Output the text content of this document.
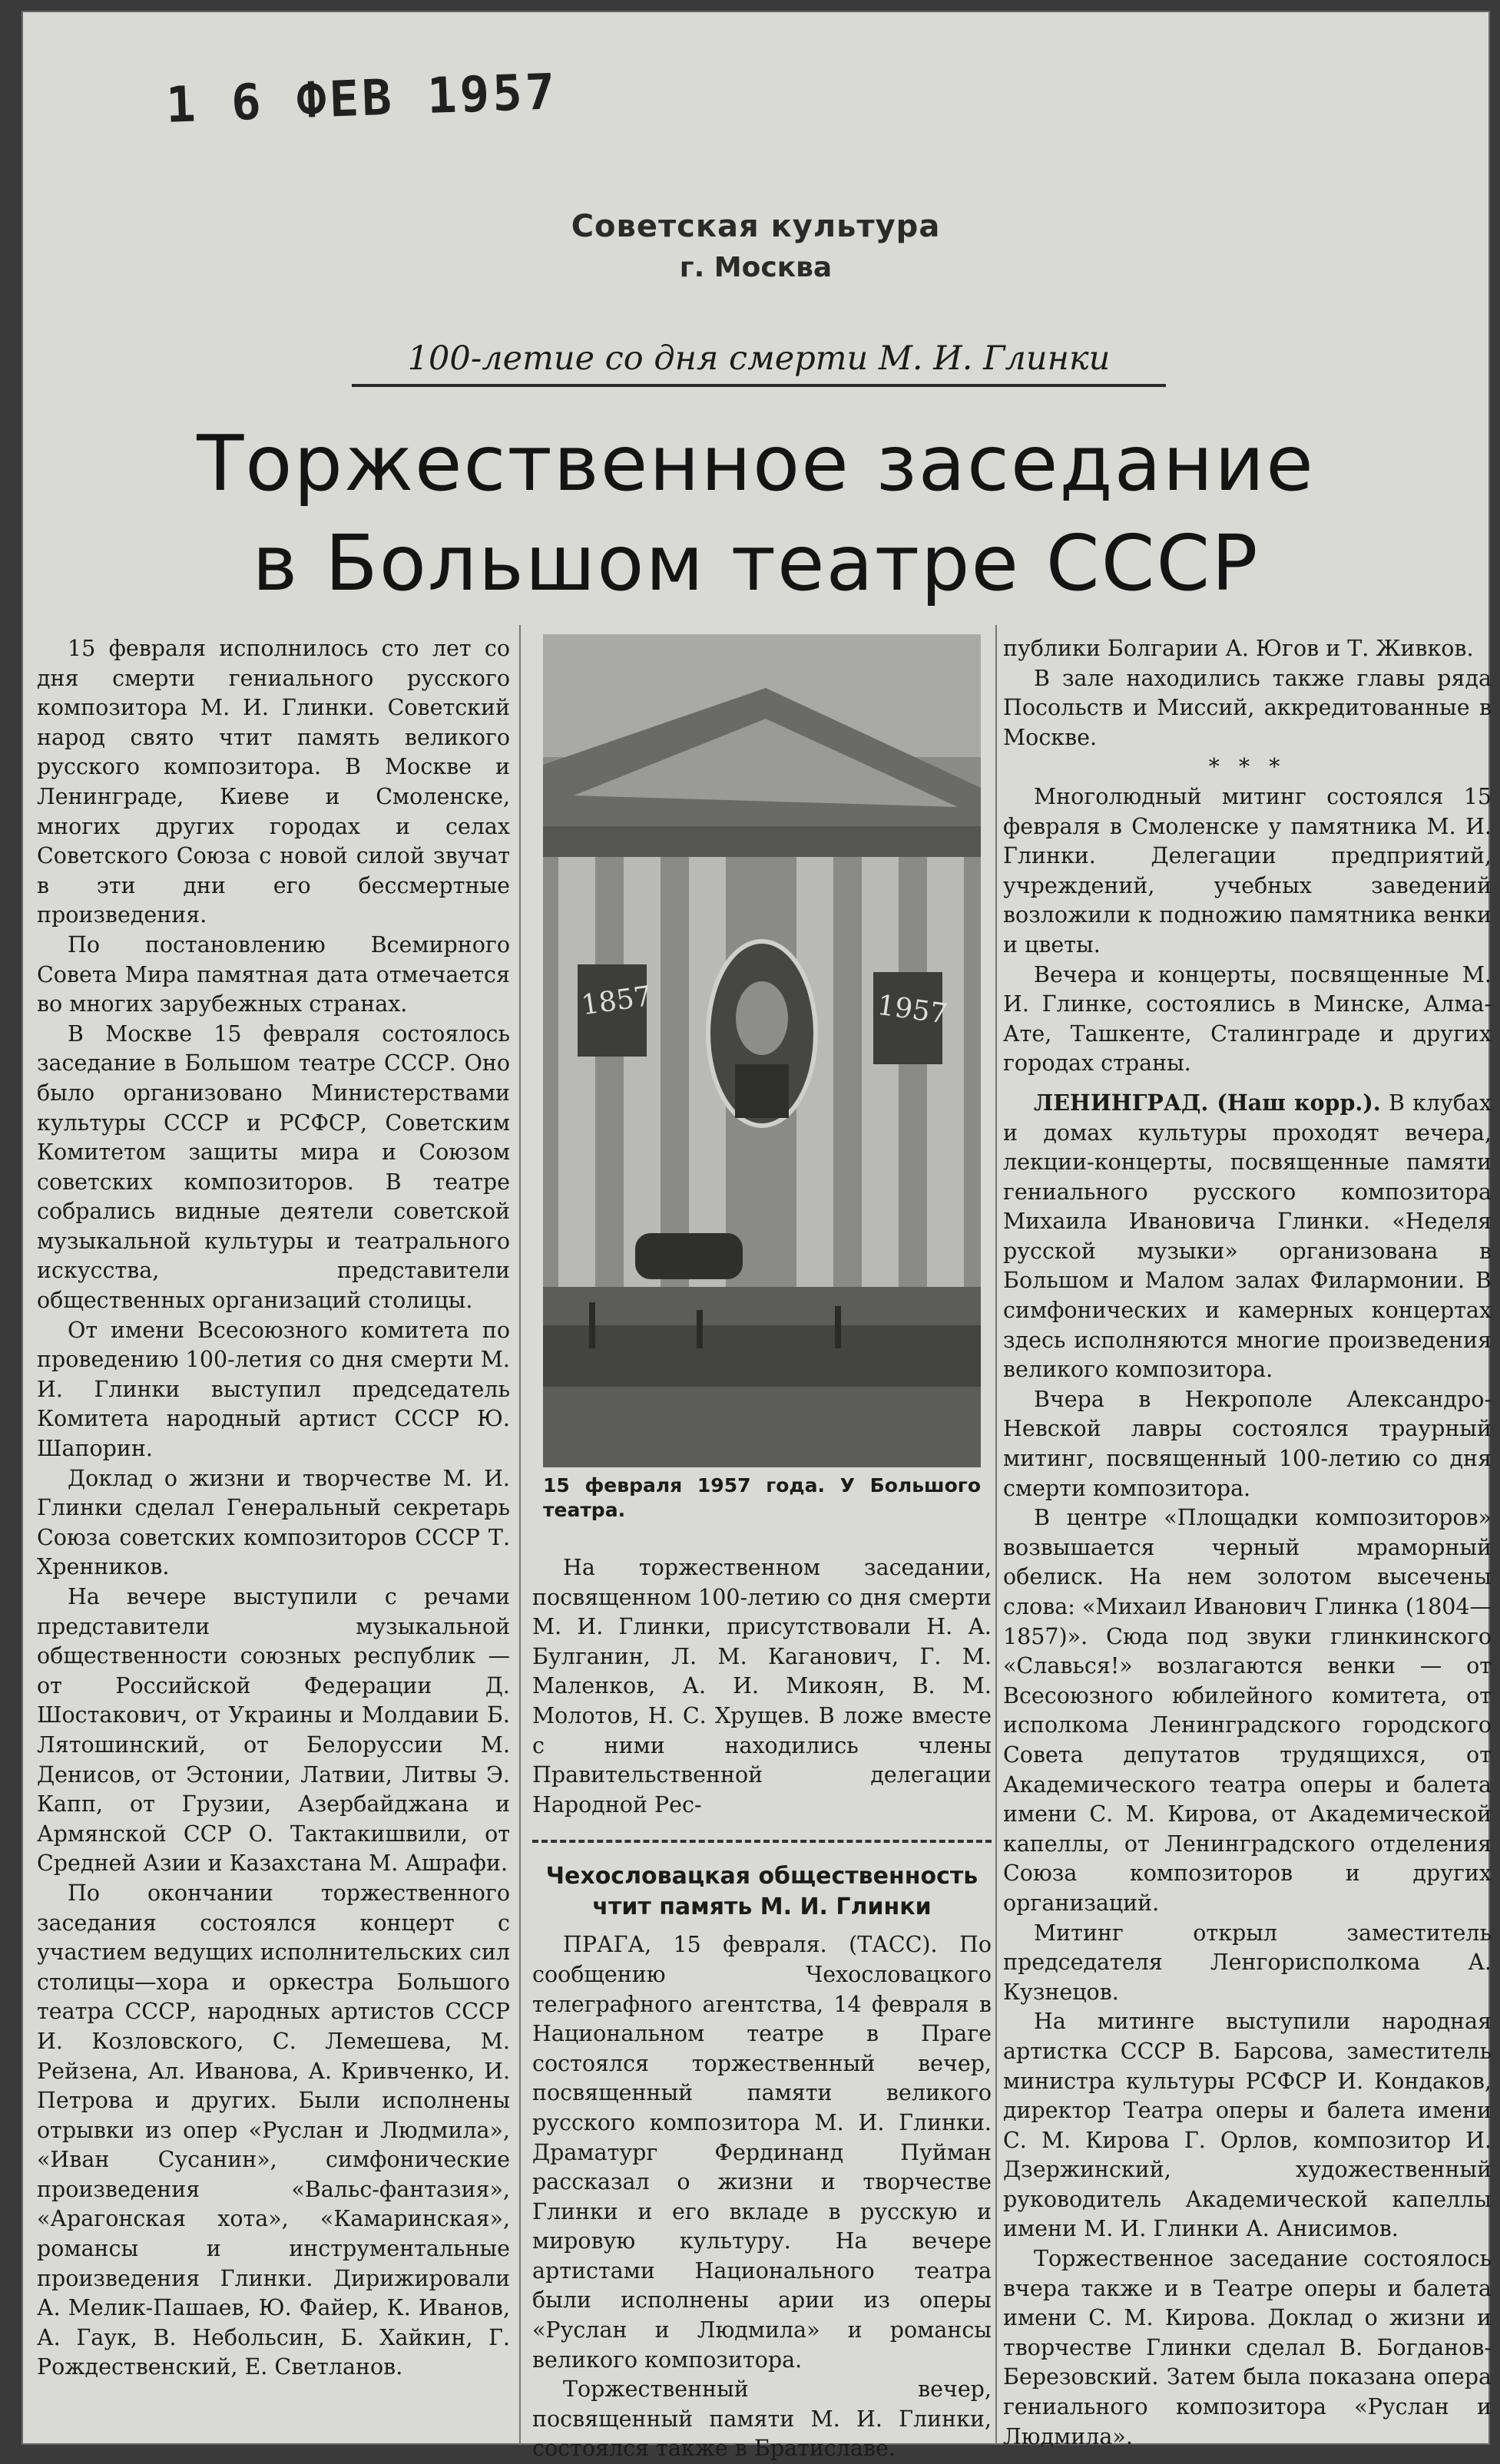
1 6 ФЕВ 1957
Советская культура
г. Москва
100-летие со дня смерти М. И. Глинки
Торжественное заседание
в Большом театре СССР

15 февраля исполнилось сто лет со дня смерти гениального русского композитора М. И. Глинки. Советский народ свято чтит память великого русского композитора. В Москве и Ленинграде, Киеве и Смоленске, многих других городах и селах Советского Союза с новой силой звучат в эти дни его бессмертные произведения.

По постановлению Всемирного Совета Мира памятная дата отмечается во многих зарубежных странах.

В Москве 15 февраля состоялось заседание в Большом театре СССР. Оно было организовано Министерствами культуры СССР и РСФСР, Советским Комитетом защиты мира и Союзом советских композиторов. В театре собрались видные деятели советской музыкальной культуры и театрального искусства, представители общественных организаций столицы.

От имени Всесоюзного комитета по проведению 100-летия со дня смерти М. И. Глинки выступил председатель Комитета народный артист СССР Ю. Шапорин.

Доклад о жизни и творчестве М. И. Глинки сделал Генеральный секретарь Союза советских композиторов СССР Т. Хренников.

На вечере выступили с речами представители музыкальной общественности союзных республик — от Российской Федерации Д. Шостакович, от Украины и Молдавии Б. Лятошинский, от Белоруссии М. Денисов, от Эстонии, Латвии, Литвы Э. Капп, от Грузии, Азербайджана и Армянской ССР О. Тактакишвили, от Средней Азии и Казахстана М. Ашрафи.

По окончании торжественного заседания состоялся концерт с участием ведущих исполнительских сил столицы—хора и оркестра Большого театра СССР, народных артистов СССР И. Козловского, С. Лемешева, М. Рейзена, Ал. Иванова, А. Кривченко, И. Петрова и других. Были исполнены отрывки из опер «Руслан и Людмила», «Иван Сусанин», симфонические произведения «Вальс-фантазия», «Арагонская хота», «Камаринская», романсы и инструментальные произведения Глинки. Дирижировали А. Мелик-Пашаев, Ю. Файер, К. Иванов, А. Гаук, В. Небольсин, Б. Хайкин, Г. Рождественский, Е. Светланов.

1857	1957
15 февраля 1957 года. У Большого театра.

На торжественном заседании, посвященном 100-летию со дня смерти М. И. Глинки, присутствовали Н. А. Булганин, Л. М. Каганович, Г. М. Маленков, А. И. Микоян, В. М. Молотов, Н. С. Хрущев. В ложе вместе с ними находились члены Правительственной делегации Народной Рес-

Чехословацкая общественность чтит память М. И. Глинки

ПРАГА, 15 февраля. (ТАСС). По сообщению Чехословацкого телеграфного агентства, 14 февраля в Национальном театре в Праге состоялся торжественный вечер, посвященный памяти великого русского композитора М. И. Глинки. Драматург Фердинанд Пуйман рассказал о жизни и творчестве Глинки и его вкладе в русскую и мировую культуру. На вечере артистами Национального театра были исполнены арии из оперы «Руслан и Людмила» и романсы великого композитора.

Торжественный вечер, посвященный памяти М. И. Глинки, состоялся также в Братиславе.

публики Болгарии А. Югов и Т. Живков.

В зале находились также главы ряда Посольств и Миссий, аккредитованные в Москве.

* * *

Многолюдный митинг состоялся 15 февраля в Смоленске у памятника М. И. Глинки. Делегации предприятий, учреждений, учебных заведений возложили к подножию памятника венки и цветы.

Вечера и концерты, посвященные М. И. Глинке, состоялись в Минске, Алма-Ате, Ташкенте, Сталинграде и других городах страны.

ЛЕНИНГРАД. (Наш корр.). В клубах и домах культуры проходят вечера, лекции-концерты, посвященные памяти гениального русского композитора Михаила Ивановича Глинки. «Неделя русской музыки» организована в Большом и Малом залах Филармонии. В симфонических и камерных концертах здесь исполняются многие произведения великого композитора.

Вчера в Некрополе Александро-Невской лавры состоялся траурный митинг, посвященный 100-летию со дня смерти композитора.

В центре «Площадки композиторов» возвышается черный мраморный обелиск. На нем золотом высечены слова: «Михаил Иванович Глинка (1804—1857)». Сюда под звуки глинкинского «Славься!» возлагаются венки — от Всесоюзного юбилейного комитета, от исполкома Ленинградского городского Совета депутатов трудящихся, от Академического театра оперы и балета имени С. М. Кирова, от Академической капеллы, от Ленинградского отделения Союза композиторов и других организаций.

Митинг открыл заместитель председателя Ленгорисполкома А. Кузнецов.

На митинге выступили народная артистка СССР В. Барсова, заместитель министра культуры РСФСР И. Кондаков, директор Театра оперы и балета имени С. М. Кирова Г. Орлов, композитор И. Дзержинский, художественный руководитель Академической капеллы имени М. И. Глинки А. Анисимов.

Торжественное заседание состоялось вчера также и в Театре оперы и балета имени С. М. Кирова. Доклад о жизни и творчестве Глинки сделал В. Богданов-Березовский. Затем была показана опера гениального композитора «Руслан и Людмила».
